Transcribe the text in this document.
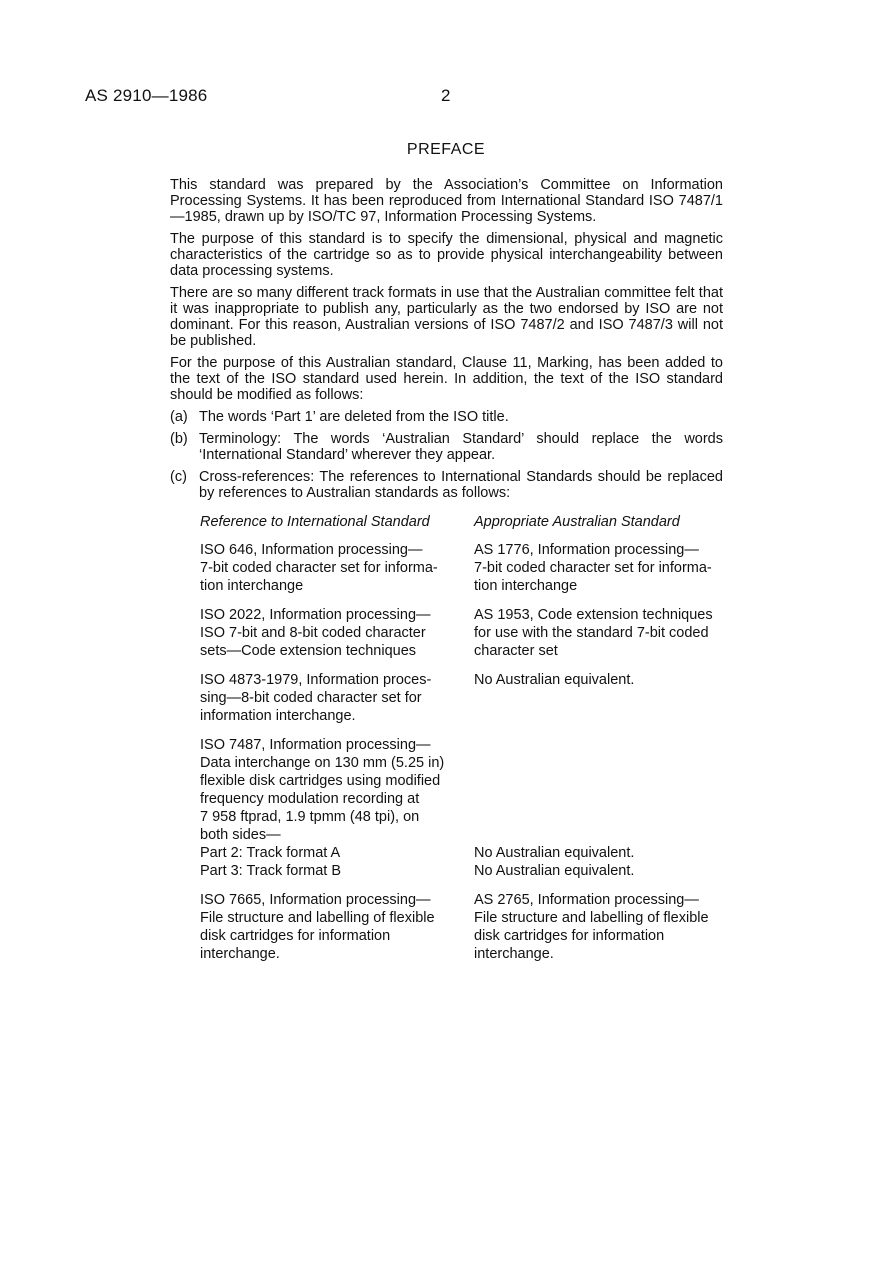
AS 2910—1986	2
PREFACE

This standard was prepared by the Association’s Committee on Information Processing Systems. It has been reproduced from International Standard ISO 7487/1—1985, drawn up by ISO/TC 97, Information Processing Systems.

The purpose of this standard is to specify the dimensional, physical and magnetic characteristics of the cartridge so as to provide physical interchangeability between data processing systems.

There are so many different track formats in use that the Australian committee felt that it was inappropriate to publish any, particularly as the two endorsed by ISO are not dominant. For this reason, Australian versions of ISO 7487/2 and ISO 7487/3 will not be published.

For the purpose of this Australian standard, Clause 11, Marking, has been added to the text of the ISO standard used herein. In addition, the text of the ISO standard should be modified as follows:

(a) The words ‘Part 1’ are deleted from the ISO title.
(b) Terminology: The words ‘Australian Standard’ should replace the words ‘International Standard’ wherever they appear.
(c) Cross-references: The references to International Standards should be replaced by references to Australian standards as follows:
Reference to International Standard	Appropriate Australian Standard
ISO 646, Information processing—
7-bit coded character set for informa-
tion interchange
AS 1776, Information processing—
7-bit coded character set for informa-
tion interchange
ISO 2022, Information processing—
ISO 7-bit and 8-bit coded character
sets—Code extension techniques
AS 1953, Code extension techniques
for use with the standard 7-bit coded
character set
ISO 4873-1979, Information proces-
sing—8-bit coded character set for
information interchange.
No Australian equivalent.

ISO 7487, Information processing—
Data interchange on 130 mm (5.25 in)
flexible disk cartridges using modified
frequency modulation recording at
7 958 ftprad, 1.9 tpmm (48 tpi), on
both sides—
Part 2: Track format A
Part 3: Track format B

No Australian equivalent.
No Australian equivalent.
ISO 7665, Information processing—
File structure and labelling of flexible
disk cartridges for information
interchange.
AS 2765, Information processing—
File structure and labelling of flexible
disk cartridges for information
interchange.
